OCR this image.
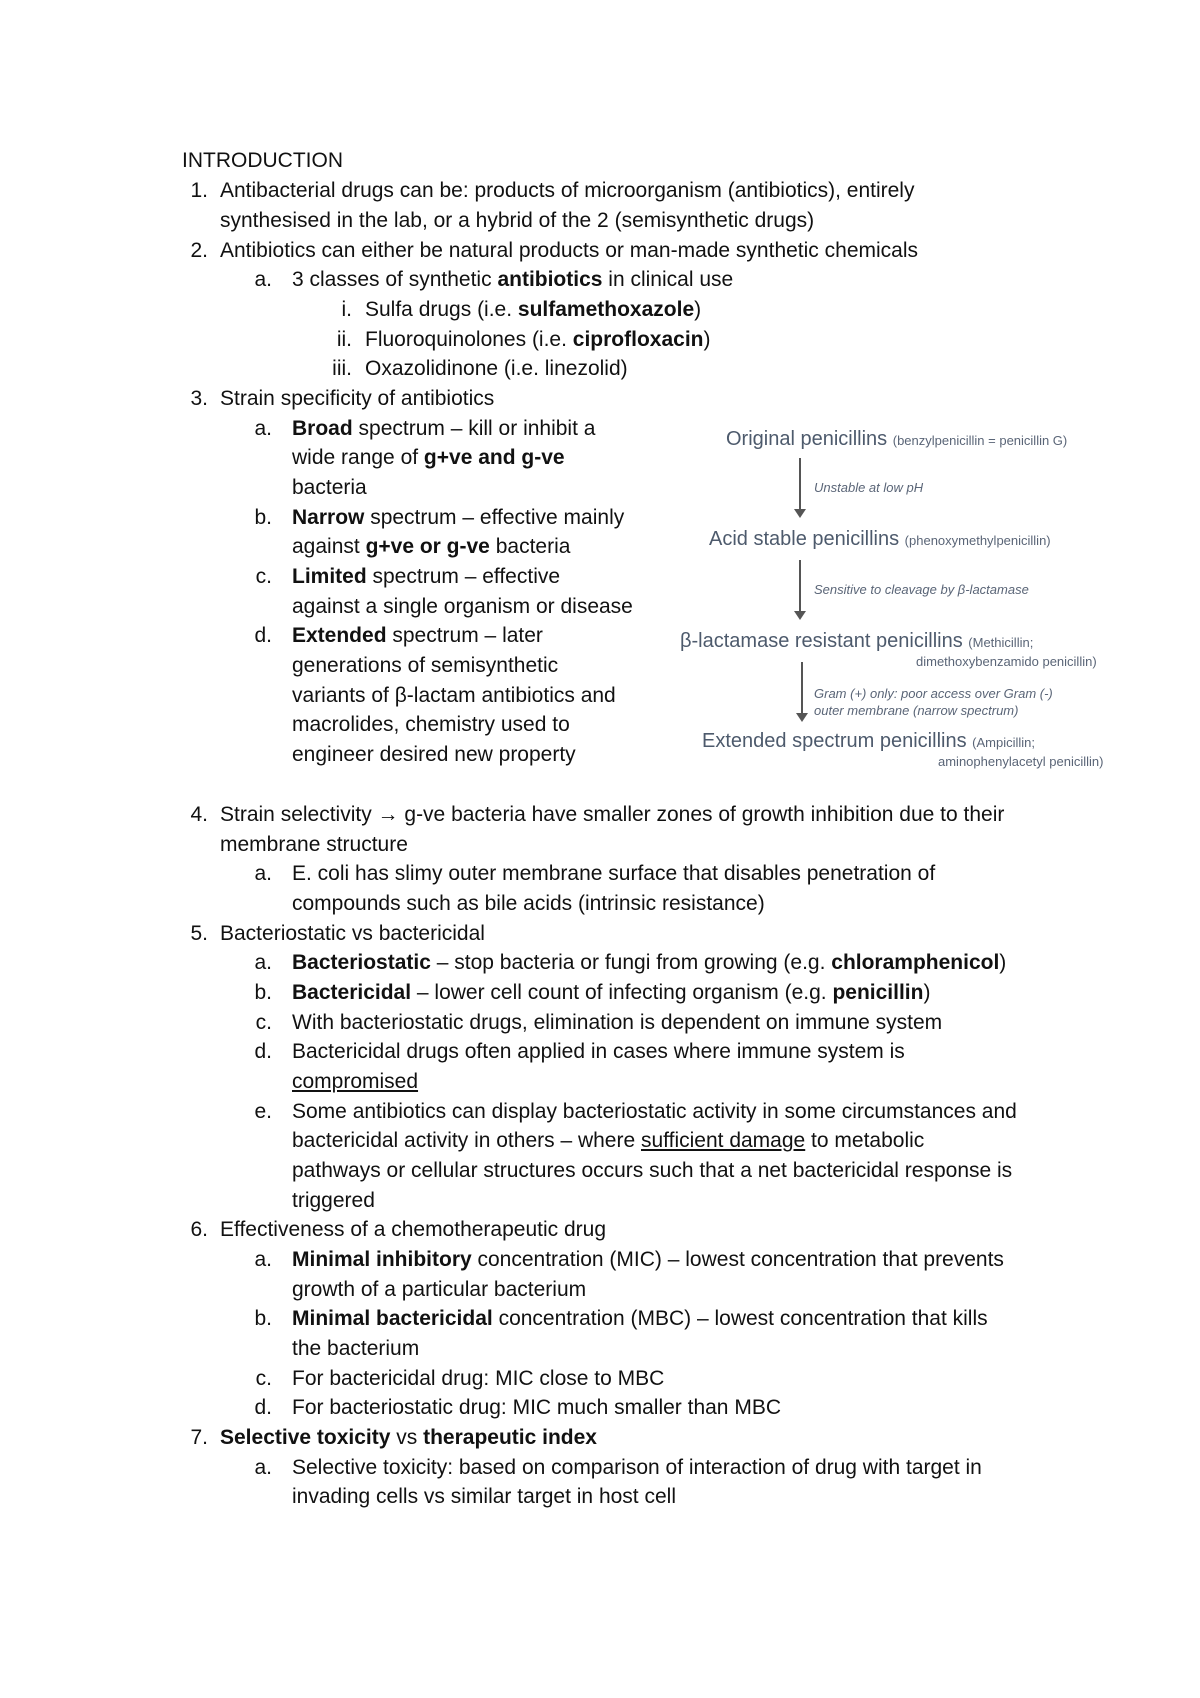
INTRODUCTION
1. Antibacterial drugs can be: products of microorganism (antibiotics), entirely
synthesised in the lab, or a hybrid of the 2 (semisynthetic drugs)
2. Antibiotics can either be natural products or man-made synthetic chemicals
a. 3 classes of synthetic antibiotics in clinical use
i. Sulfa drugs (i.e. sulfamethoxazole)
ii. Fluoroquinolones (i.e. ciprofloxacin)
iii. Oxazolidinone (i.e. linezolid)
3. Strain specificity of antibiotics
a. Broad spectrum – kill or inhibit a
wide range of g+ve and g-ve
bacteria
b. Narrow spectrum – effective mainly
against g+ve or g-ve bacteria
c. Limited spectrum – effective
against a single organism or disease
d. Extended spectrum – later
generations of semisynthetic
variants of β-lactam antibiotics and
macrolides, chemistry used to
engineer desired new property
Original penicillins (benzylpenicillin = penicillin G)
Unstable at low pH
Acid stable penicillins (phenoxymethylpenicillin)
Sensitive to cleavage by β-lactamase
β-lactamase resistant penicillins (Methicillin;
dimethoxybenzamido penicillin)
Gram (+) only: poor access over Gram (-)
outer membrane (narrow spectrum)
Extended spectrum penicillins (Ampicillin;
aminophenylacetyl penicillin)
4. Strain selectivity → g-ve bacteria have smaller zones of growth inhibition due to their
membrane structure
a. E. coli has slimy outer membrane surface that disables penetration of
compounds such as bile acids (intrinsic resistance)
5. Bacteriostatic vs bactericidal
a. Bacteriostatic – stop bacteria or fungi from growing (e.g. chloramphenicol)
b. Bactericidal – lower cell count of infecting organism (e.g. penicillin)
c. With bacteriostatic drugs, elimination is dependent on immune system
d. Bactericidal drugs often applied in cases where immune system is
compromised
e. Some antibiotics can display bacteriostatic activity in some circumstances and
bactericidal activity in others – where sufficient damage to metabolic
pathways or cellular structures occurs such that a net bactericidal response is
triggered
6. Effectiveness of a chemotherapeutic drug
a. Minimal inhibitory concentration (MIC) – lowest concentration that prevents
growth of a particular bacterium
b. Minimal bactericidal concentration (MBC) – lowest concentration that kills
the bacterium
c. For bactericidal drug: MIC close to MBC
d. For bacteriostatic drug: MIC much smaller than MBC
7. Selective toxicity vs therapeutic index
a. Selective toxicity: based on comparison of interaction of drug with target in
invading cells vs similar target in host cell
